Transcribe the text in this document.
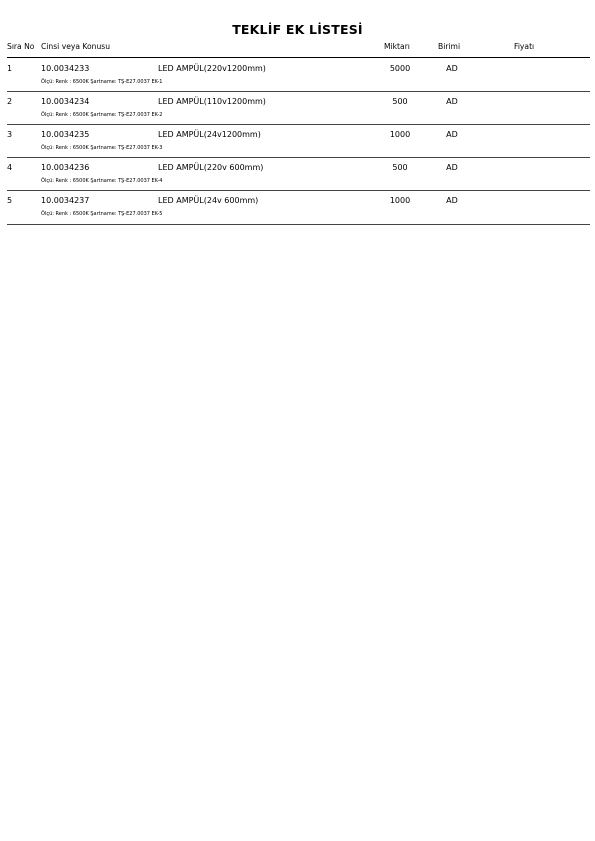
TEKLİF EK LİSTESİ
Sıra No Cinsi veya Konusu	Miktarı	Birimi	Fiyatı
1	10.0034233	LED AMPÜL(220v1200mm)	5000	AD
Ölçü: Renk : 6500K Şartname: TŞ-E27.0037 EK-1
2	10.0034234	LED AMPÜL(110v1200mm)	500	AD
Ölçü: Renk : 6500K Şartname: TŞ-E27.0037 EK-2
3	10.0034235	LED AMPÜL(24v1200mm)	1000	AD
Ölçü: Renk : 6500K Şartname: TŞ-E27.0037 EK-3
4	10.0034236	LED AMPÜL(220v 600mm)	500	AD
Ölçü: Renk : 6500K Şartname: TŞ-E27.0037 EK-4
5	10.0034237	LED AMPÜL(24v 600mm)	1000	AD
Ölçü: Renk : 6500K Şartname: TŞ-E27.0037 EK-5
